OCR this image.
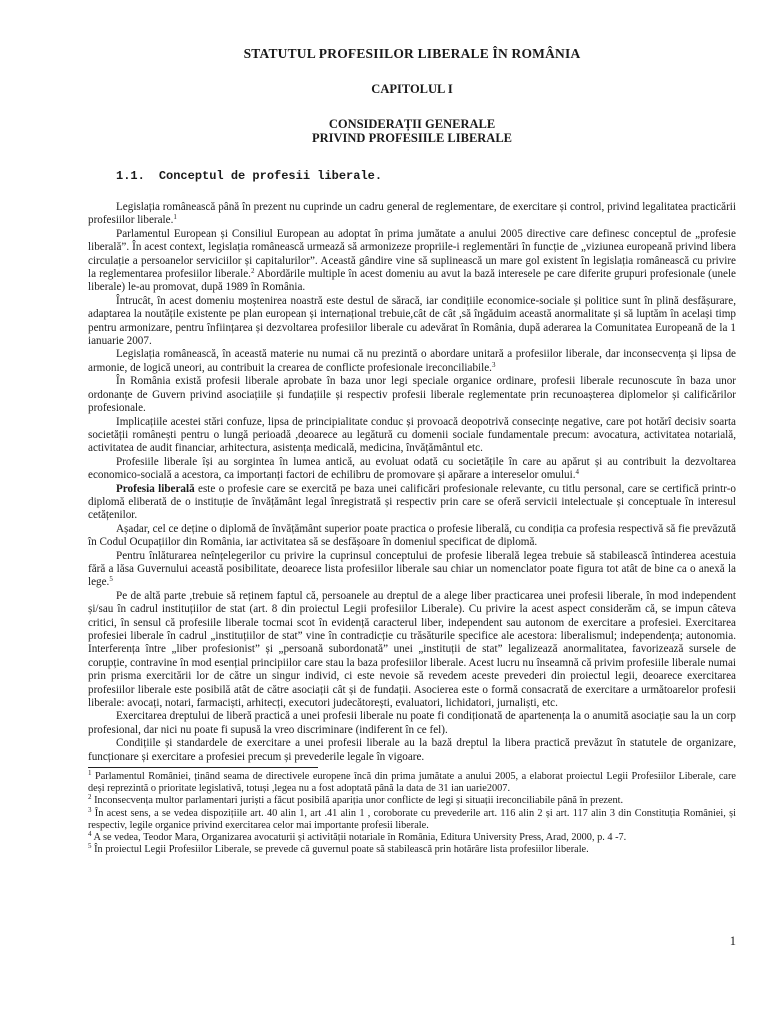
STATUTUL PROFESIILOR LIBERALE ÎN ROMÂNIA
CAPITOLUL I
CONSIDERAȚII GENERALE
PRIVIND PROFESIILE LIBERALE
1.1. Conceptul de profesii liberale.

Legislația românească până în prezent nu cuprinde un cadru general de reglementare, de exercitare și control, privind legalitatea practicării profesiilor liberale.$^1$

Parlamentul European și Consiliul European au adoptat în prima jumătate a anului 2005 directive care definesc conceptul de „profesie liberală”. În acest context, legislația românească urmează să armonizeze propriile-i reglementări în funcție de „viziunea europeană privind libera circulație a persoanelor serviciilor și capitalurilor”. Această gândire vine să suplinească un mare gol existent în legislația românească cu privire la reglementarea profesiilor liberale.$^2$ Abordările multiple în acest domeniu au avut la bază interesele pe care diferite grupuri profesionale (unele liberale) le-au promovat, după 1989 în România.

Întrucât, în acest domeniu moștenirea noastră este destul de săracă, iar condițiile economice-sociale și politice sunt în plină desfășurare, adaptarea la noutățile existente pe plan european și internațional trebuie,cât de cât ,să îngăduim această anormalitate și să luptăm în același timp pentru armonizare, pentru înființarea și dezvoltarea profesiilor liberale cu adevărat în România, după aderarea la Comunitatea Europeană de la 1 ianuarie 2007.

Legislația românească, în această materie nu numai că nu prezintă o abordare unitară a profesiilor liberale, dar inconsecvența și lipsa de armonie, de logică uneori, au contribuit la crearea de conflicte profesionale ireconciliabile.$^3$

În România există profesii liberale aprobate în baza unor legi speciale organice ordinare, profesii liberale recunoscute în baza unor ordonanțe de Guvern privind asociațiile și fundațiile și respectiv profesii liberale reglementate prin recunoașterea diplomelor și calificărilor profesionale.

Implicațiile acestei stări confuze, lipsa de principialitate conduc și provoacă deopotrivă consecințe negative, care pot hotărî decisiv soarta societății românești pentru o lungă perioadă ,deoarece au legătură cu domenii sociale fundamentale precum: avocatura, activitatea notarială, activitatea de audit financiar, arhitectura, asistența medicală, medicina, învățământul etc.

Profesiile liberale își au sorgintea în lumea antică, au evoluat odată cu societățile în care au apărut și au contribuit la dezvoltarea economico-socială a acestora, ca importanți factori de echilibru de promovare și apărare a intereselor omului.$^4$

Profesia liberală este o profesie care se exercită pe baza unei calificări profesionale relevante, cu titlu personal, care se certifică printr-o diplomă eliberată de o instituție de învățământ legal înregistrată și respectiv prin care se oferă servicii intelectuale și conceptuale în interesul cetățenilor.

Așadar, cel ce deține o diplomă de învățământ superior poate practica o profesie liberală, cu condiția ca profesia respectivă să fie prevăzută în Codul Ocupațiilor din România, iar activitatea să se desfășoare în domeniul specificat de diplomă.

Pentru înlăturarea neînțelegerilor cu privire la cuprinsul conceptului de profesie liberală legea trebuie să stabilească întinderea acestuia fără a lăsa Guvernului această posibilitate, deoarece lista profesiilor liberale sau chiar un nomenclator poate figura tot atât de bine ca o anexă la lege.$^5$

Pe de altă parte ,trebuie să reținem faptul că, persoanele au dreptul de a alege liber practicarea unei profesii liberale, în mod independent și/sau în cadrul instituțiilor de stat (art. 8 din proiectul Legii profesiilor Liberale). Cu privire la acest aspect considerăm că, se impun câteva critici, în sensul că profesiile liberale tocmai scot în evidență caracterul liber, independent sau autonom de exercitare a profesiei. Exercitarea profesiei liberale în cadrul „instituțiilor de stat” vine în contradicție cu trăsăturile specifice ale acestora: liberalismul; independența; autonomia. Interferența între „liber profesionist” și „persoană subordonată” unei „instituții de stat” legalizează anormalitatea, favorizează sursele de corupție, contravine în mod esențial principiilor care stau la baza profesiilor liberale. Acest lucru nu înseamnă că privim profesiile liberale numai prin prisma exercitării lor de către un singur individ, ci este nevoie să revedem aceste prevederi din proiectul legii, deoarece exercitarea profesiilor liberale este posibilă atât de către asociații cât și de fundații. Asocierea este o formă consacrată de exercitare a următoarelor profesii liberale: avocați, notari, farmaciști, arhitecți, executori judecătorești, evaluatori, lichidatori, jurnaliști, etc.

Exercitarea dreptului de liberă practică a unei profesii liberale nu poate fi condiționată de apartenența la o anumită asociație sau la un corp profesional, dar nici nu poate fi supusă la vreo discriminare (indiferent în ce fel).

Condițiile și standardele de exercitare a unei profesii liberale au la bază dreptul la libera practică prevăzut în statutele de organizare, funcționare și exercitare a profesiei precum și prevederile legale în vigoare.

$^1$ Parlamentul României, ținând seama de directivele europene încă din prima jumătate a anului 2005, a elaborat proiectul Legii Profesiilor Liberale, care deși reprezintă o prioritate legislativă, totuși ,legea nu a fost adoptată până la data de 31 ian uarie2007.

$^2$ Inconsecvența multor parlamentari juriști a făcut posibilă apariția unor conflicte de legi și situații ireconciliabile până în prezent.

$^3$ În acest sens, a se vedea dispozițiile art. 40 alin 1, art .41 alin 1 , coroborate cu prevederile art. 116 alin 2 și art. 117 alin 3 din Constituția României, și respectiv, legile organice privind exercitarea celor mai importante profesii liberale.

$^4$ A se vedea, Teodor Mara, Organizarea avocaturii și activității notariale în România, Editura University Press, Arad, 2000, p. 4 -7.

$^5$ În proiectul Legii Profesiilor Liberale, se prevede că guvernul poate să stabilească prin hotărâre lista profesiilor liberale.

1
